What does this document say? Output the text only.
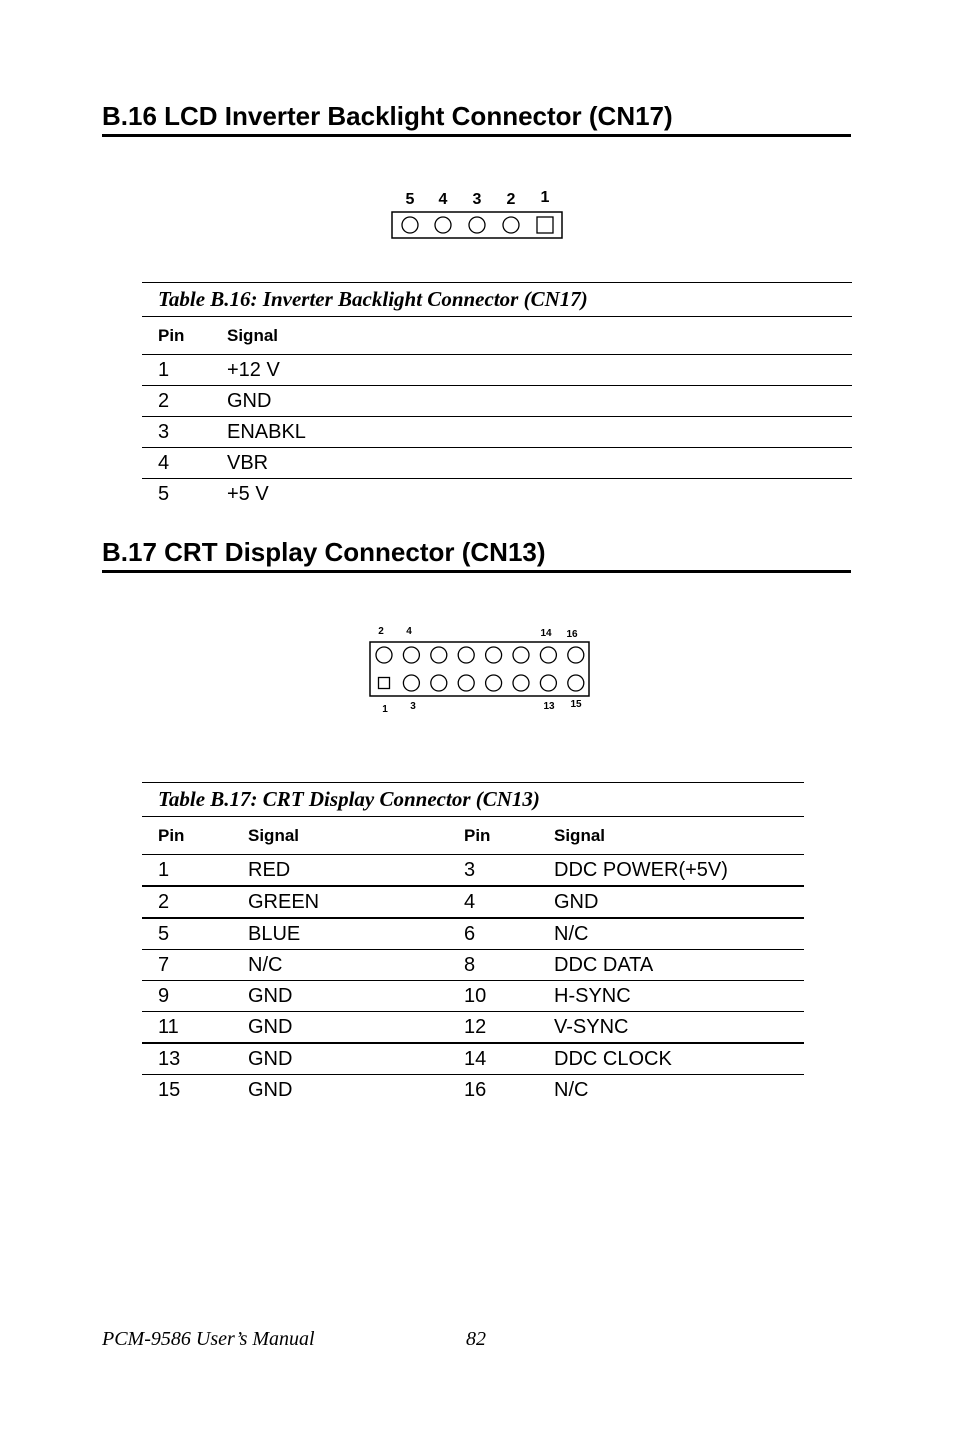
B.16 LCD Inverter Backlight Connector (CN17)
5 4 3 2 1
Table B.16: Inverter Backlight Connector (CN17)	
Pin	Signal
1	+12 V
2	GND
3	ENABKL
4	VBR
5	+5 V
B.17 CRT Display Connector (CN13)
2 4	14 16
1 3	13 15
Table B.17: CRT Display Connector (CN13)			
Pin	Signal	Pin	Signal
1	RED	3	DDC POWER(+5V)
2	GREEN	4	GND
5	BLUE	6	N/C
7	N/C	8	DDC DATA
9	GND	10	H-SYNC
11	GND	12	V-SYNC
13	GND	14	DDC CLOCK
15	GND	16	N/C
PCM-9586 User’s Manual	82
